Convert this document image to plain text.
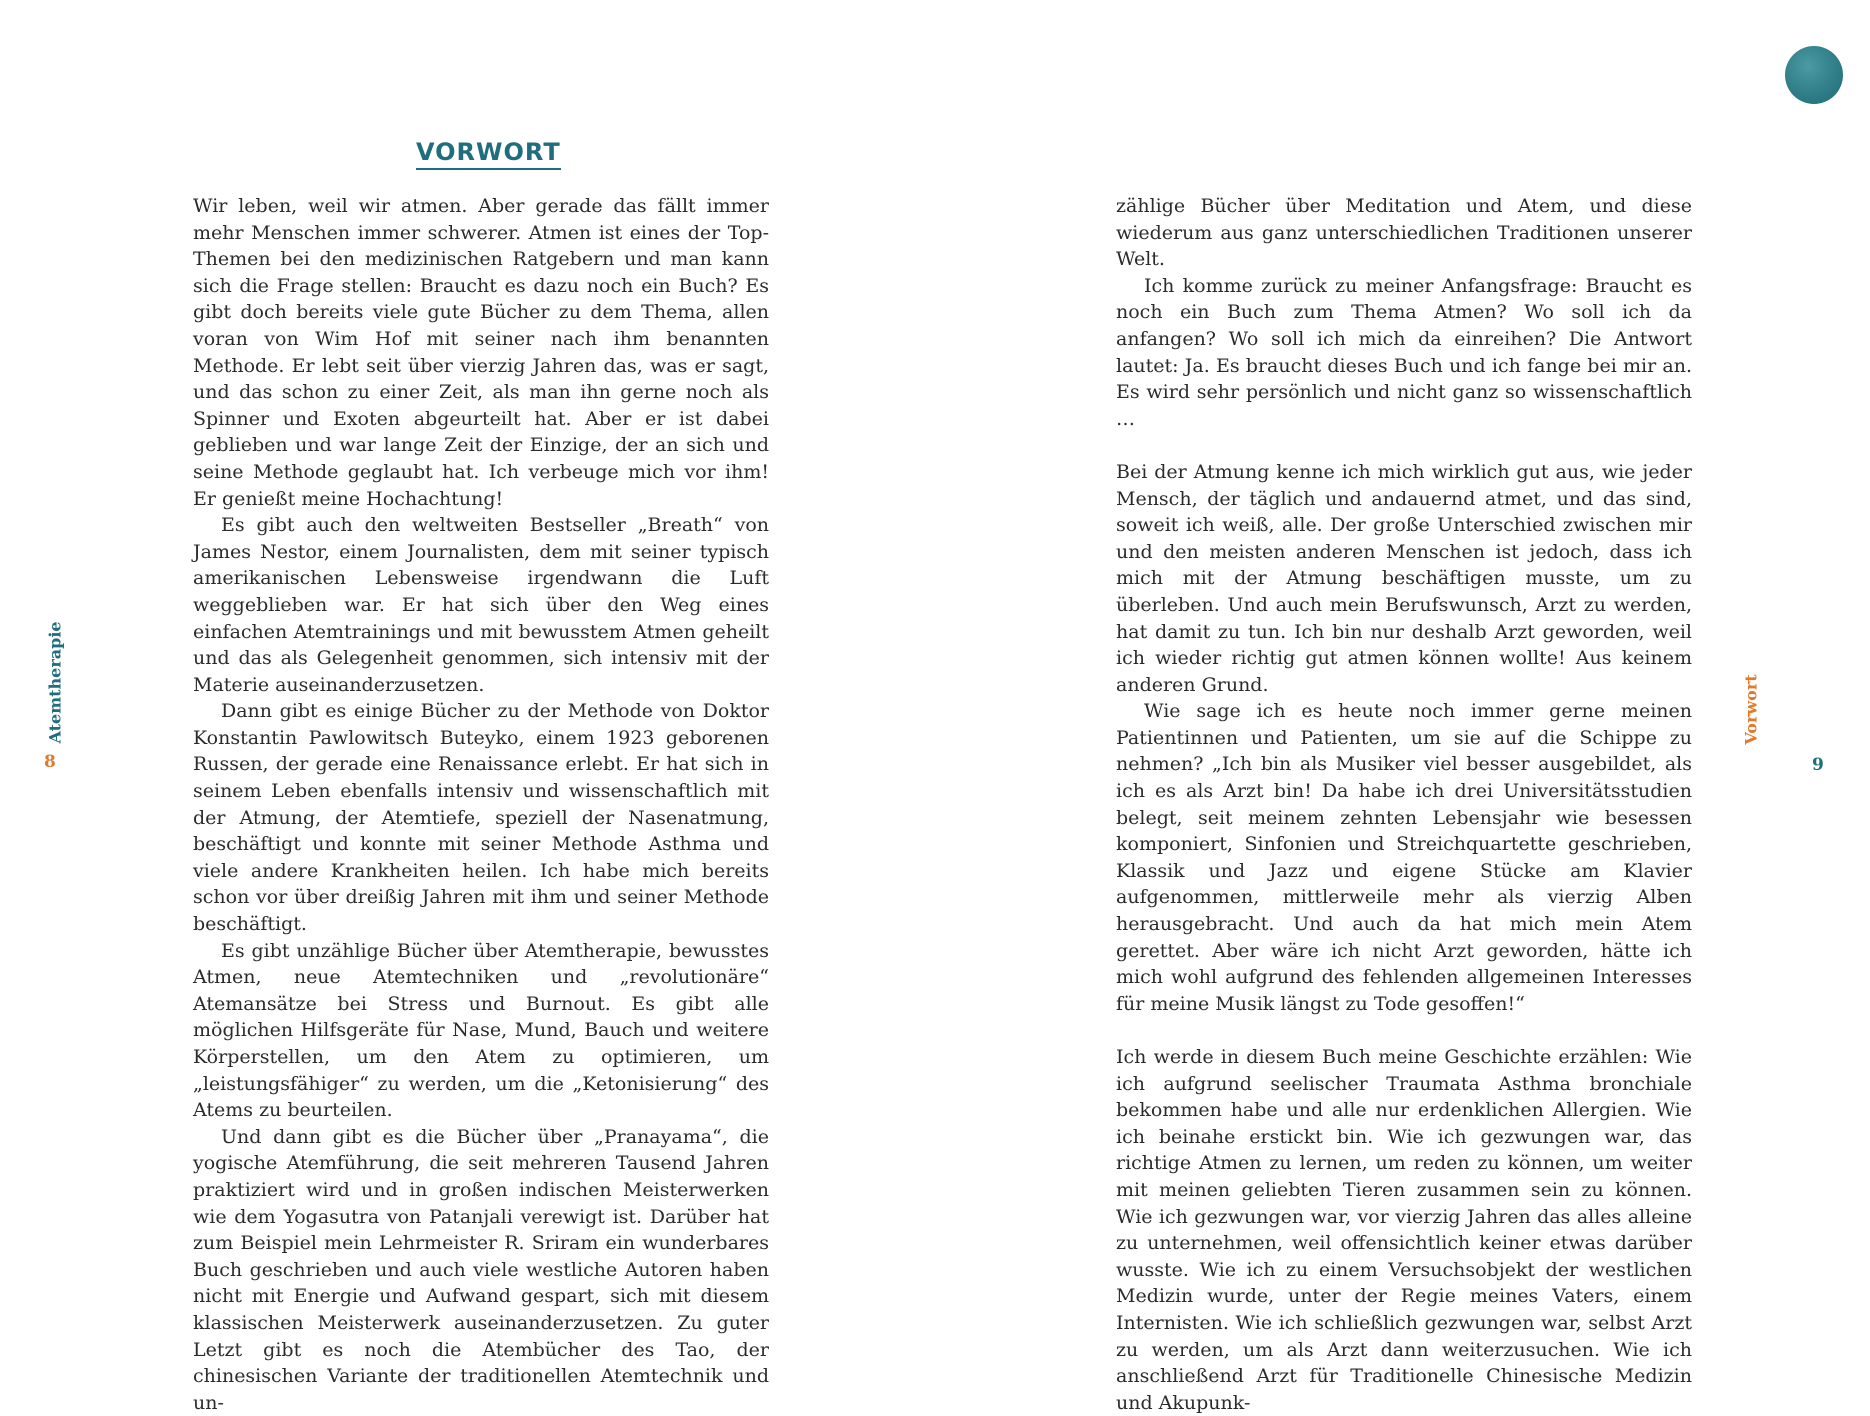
Atemtherapie
8
VORWORT

Wir leben, weil wir atmen. Aber gerade das fällt immer mehr Menschen immer schwerer. Atmen ist eines der Top-Themen bei den medizinischen Ratgebern und man kann sich die Frage stellen: Braucht es dazu noch ein Buch? Es gibt doch bereits viele gute Bücher zu dem Thema, allen voran von Wim Hof mit seiner nach ihm benannten Methode. Er lebt seit über vierzig Jahren das, was er sagt, und das schon zu einer Zeit, als man ihn gerne noch als Spinner und Exoten abgeurteilt hat. Aber er ist dabei geblieben und war lange Zeit der Einzige, der an sich und seine Methode geglaubt hat. Ich verbeuge mich vor ihm! Er genießt meine Hochachtung!

Es gibt auch den weltweiten Bestseller „Breath“ von James Nestor, einem Journalisten, dem mit seiner typisch amerikanischen Lebensweise irgendwann die Luft weggeblieben war. Er hat sich über den Weg eines einfachen Atemtrainings und mit bewusstem Atmen geheilt und das als Gelegenheit genommen, sich intensiv mit der Materie auseinanderzusetzen.

Dann gibt es einige Bücher zu der Methode von Doktor Konstantin Pawlowitsch Buteyko, einem 1923 geborenen Russen, der gerade eine Renaissance erlebt. Er hat sich in seinem Leben ebenfalls intensiv und wissenschaftlich mit der Atmung, der Atemtiefe, speziell der Nasenatmung, beschäftigt und konnte mit seiner Methode Asthma und viele andere Krankheiten heilen. Ich habe mich bereits schon vor über dreißig Jahren mit ihm und seiner Methode beschäftigt.

Es gibt unzählige Bücher über Atemtherapie, bewusstes Atmen, neue Atemtechniken und „revolutionäre“ Atemansätze bei Stress und Burnout. Es gibt alle möglichen Hilfsgeräte für Nase, Mund, Bauch und weitere Körperstellen, um den Atem zu optimieren, um „leistungsfähiger“ zu werden, um die „Ketonisierung“ des Atems zu beurteilen.

Und dann gibt es die Bücher über „Pranayama“, die yogische Atemführung, die seit mehreren Tausend Jahren praktiziert wird und in großen indischen Meisterwerken wie dem Yogasutra von Patanjali verewigt ist. Darüber hat zum Beispiel mein Lehrmeister R. Sriram ein wunderbares Buch geschrieben und auch viele westliche Autoren haben nicht mit Energie und Aufwand gespart, sich mit diesem klassischen Meisterwerk auseinanderzusetzen. Zu guter Letzt gibt es noch die Atembücher des Tao, der chinesischen Variante der traditionellen Atemtechnik und un-

zählige Bücher über Meditation und Atem, und diese wiederum aus ganz unterschiedlichen Traditionen unserer Welt.

Ich komme zurück zu meiner Anfangsfrage: Braucht es noch ein Buch zum Thema Atmen? Wo soll ich da anfangen? Wo soll ich mich da einreihen? Die Antwort lautet: Ja. Es braucht dieses Buch und ich fange bei mir an. Es wird sehr persönlich und nicht ganz so wissenschaftlich …

Bei der Atmung kenne ich mich wirklich gut aus, wie jeder Mensch, der täglich und andauernd atmet, und das sind, soweit ich weiß, alle. Der große Unterschied zwischen mir und den meisten anderen Menschen ist jedoch, dass ich mich mit der Atmung beschäftigen musste, um zu überleben. Und auch mein Berufswunsch, Arzt zu werden, hat damit zu tun. Ich bin nur deshalb Arzt geworden, weil ich wieder richtig gut atmen können wollte! Aus keinem anderen Grund.

Wie sage ich es heute noch immer gerne meinen Patientinnen und Patienten, um sie auf die Schippe zu nehmen? „Ich bin als Musiker viel besser ausgebildet, als ich es als Arzt bin! Da habe ich drei Universitätsstudien belegt, seit meinem zehnten Lebensjahr wie besessen komponiert, Sinfonien und Streichquartette geschrieben, Klassik und Jazz und eigene Stücke am Klavier aufgenommen, mittlerweile mehr als vierzig Alben herausgebracht. Und auch da hat mich mein Atem gerettet. Aber wäre ich nicht Arzt geworden, hätte ich mich wohl aufgrund des fehlenden allgemeinen Interesses für meine Musik längst zu Tode gesoffen!“

Ich werde in diesem Buch meine Geschichte erzählen: Wie ich aufgrund seelischer Traumata Asthma bronchiale bekommen habe und alle nur erdenklichen Allergien. Wie ich beinahe erstickt bin. Wie ich gezwungen war, das richtige Atmen zu lernen, um reden zu können, um weiter mit meinen geliebten Tieren zusammen sein zu können. Wie ich gezwungen war, vor vierzig Jahren das alles alleine zu unternehmen, weil offensichtlich keiner etwas darüber wusste. Wie ich zu einem Versuchsobjekt der westlichen Medizin wurde, unter der Regie meines Vaters, einem Internisten. Wie ich schließlich gezwungen war, selbst Arzt zu werden, um als Arzt dann weiterzusuchen. Wie ich anschließend Arzt für Traditionelle Chinesische Medizin und Akupunk-

Vorwort
9
